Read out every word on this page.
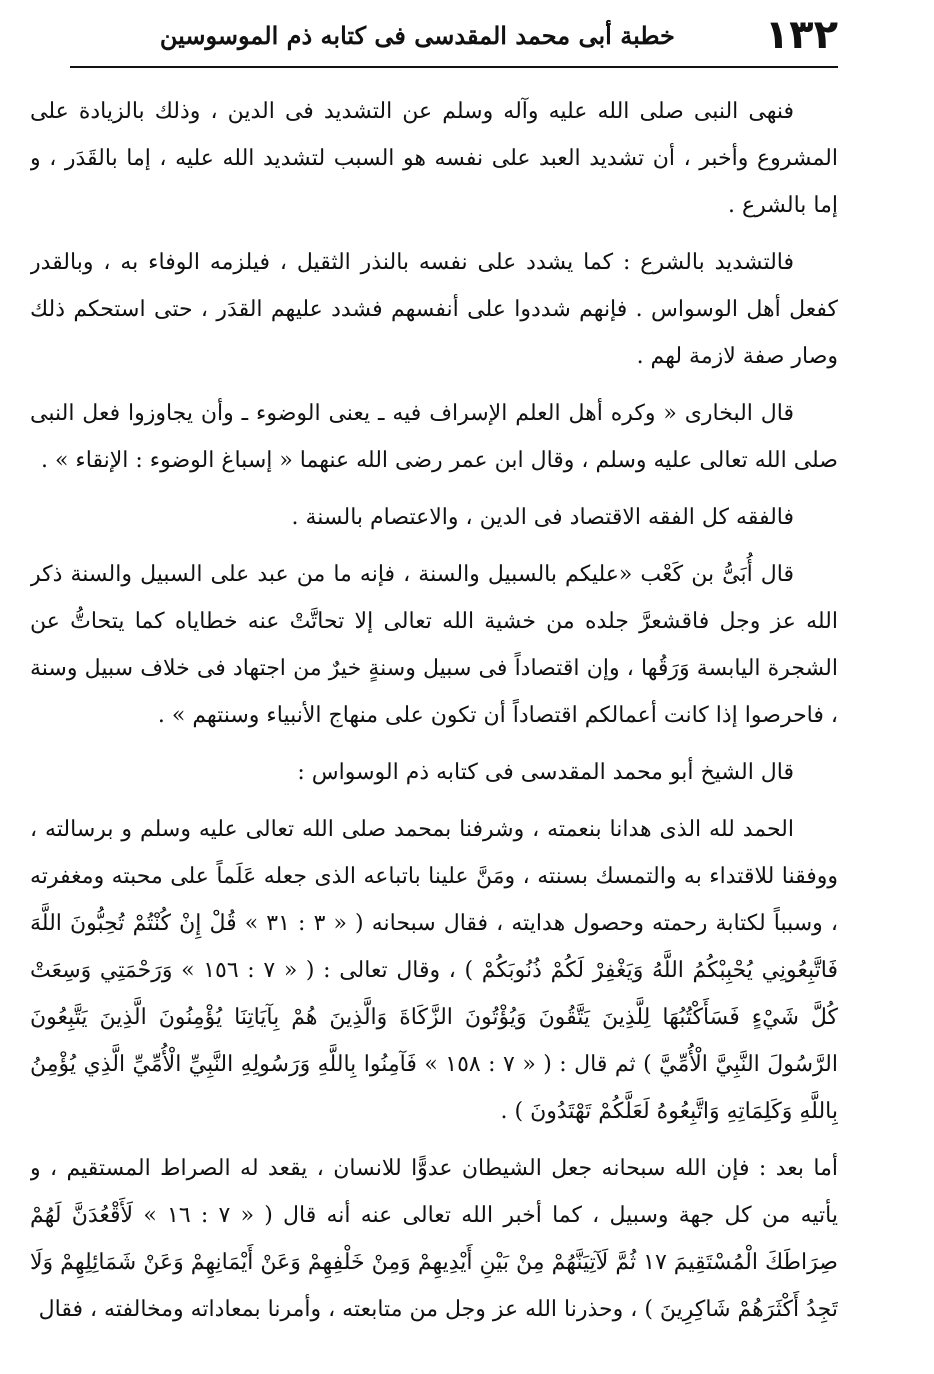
١٣٢
خطبة أبى محمد المقدسى فى كتابه ذم الموسوسين

فنهى النبى صلى الله عليه وآله وسلم عن التشديد فى الدين ، وذلك بالزيادة على المشروع وأخبر ، أن تشديد العبد على نفسه هو السبب لتشديد الله عليه ، إما بالقَدَر ، و إما بالشرع .

فالتشديد بالشرع : كما يشدد على نفسه بالنذر الثقيل ، فيلزمه الوفاء به ، وبالقدر كفعل أهل الوسواس . فإنهم شددوا على أنفسهم فشدد عليهم القدَر ، حتى استحكم ذلك وصار صفة لازمة لهم .

قال البخارى « وكره أهل العلم الإسراف فيه ـ يعنى الوضوء ـ وأن يجاوزوا فعل النبى صلى الله تعالى عليه وسلم ، وقال ابن عمر رضى الله عنهما « إسباغ الوضوء : الإنقاء » .

فالفقه كل الفقه الاقتصاد فى الدين ، والاعتصام بالسنة .

قال أُبَىُّ بن كَعْب «عليكم بالسبيل والسنة ، فإنه ما من عبد على السبيل والسنة ذكر الله عز وجل فاقشعرَّ جلده من خشية الله تعالى إلا تحاتَّتْ عنه خطاياه كما يتحاتُّ عن الشجرة اليابسة وَرَقُها ، وإن اقتصاداً فى سبيل وسنةٍ خيرٌ من اجتهاد فى خلاف سبيل وسنة ، فاحرصوا إذا كانت أعمالكم اقتصاداً أن تكون على منهاج الأنبياء وسنتهم » .

قال الشيخ أبو محمد المقدسى فى كتابه ذم الوسواس :

الحمد لله الذى هدانا بنعمته ، وشرفنا بمحمد صلى الله تعالى عليه وسلم و برسالته ، ووفقنا للاقتداء به والتمسك بسنته ، ومَنَّ علينا باتباعه الذى جعله عَلَماً على محبته ومغفرته ، وسبباً لكتابة رحمته وحصول هدايته ، فقال سبحانه ( « ٣ : ٣١ » قُلْ إِنْ كُنْتُمْ تُحِبُّونَ اللَّهَ فَاتَّبِعُونِي يُحْبِبْكُمُ اللَّهُ وَيَغْفِرْ لَكُمْ ذُنُوبَكُمْ ) ، وقال تعالى : ( « ٧ : ١٥٦ » وَرَحْمَتِي وَسِعَتْ كُلَّ شَيْءٍ فَسَأَكْتُبُهَا لِلَّذِينَ يَتَّقُونَ وَيُؤْتُونَ الزَّكَاةَ وَالَّذِينَ هُمْ بِآيَاتِنَا يُؤْمِنُونَ الَّذِينَ يَتَّبِعُونَ الرَّسُولَ النَّبِيَّ الْأُمِّيَّ ) ثم قال : ( « ٧ : ١٥٨ » فَآمِنُوا بِاللَّهِ وَرَسُولِهِ النَّبِيِّ الْأُمِّيِّ الَّذِي يُؤْمِنُ بِاللَّهِ وَكَلِمَاتِهِ وَاتَّبِعُوهُ لَعَلَّكُمْ تَهْتَدُونَ ) .

أما بعد : فإن الله سبحانه جعل الشيطان عدوًّا للانسان ، يقعد له الصراط المستقيم ، و يأتيه من كل جهة وسبيل ، كما أخبر الله تعالى عنه أنه قال ( « ٧ : ١٦ » لَأَقْعُدَنَّ لَهُمْ صِرَاطَكَ الْمُسْتَقِيمَ ١٧ ثُمَّ لَآتِيَنَّهُمْ مِنْ بَيْنِ أَيْدِيهِمْ وَمِنْ خَلْفِهِمْ وَعَنْ أَيْمَانِهِمْ وَعَنْ شَمَائِلِهِمْ وَلَا تَجِدُ أَكْثَرَهُمْ شَاكِرِينَ ) ، وحذرنا الله عز وجل من متابعته ، وأمرنا بمعاداته ومخالفته ، فقال
